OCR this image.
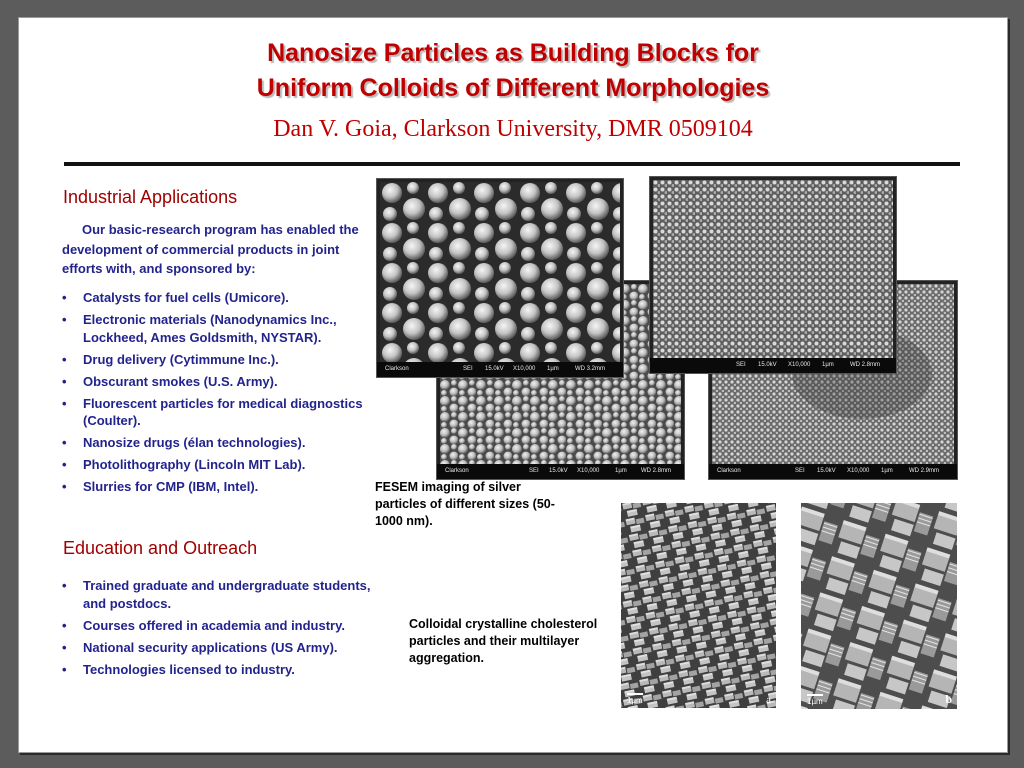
Nanosize Particles as Building Blocks for
Uniform Colloids of Different Morphologies
Dan V. Goia, Clarkson University, DMR 0509104
Industrial Applications
Our basic-research program has enabled the development of commercial products in joint efforts with, and sponsored by:
• Catalysts for fuel cells (Umicore).
• Electronic materials (Nanodynamics Inc., Lockheed, Ames Goldsmith, NYSTAR).
• Drug delivery (Cytimmune Inc.).
• Obscurant smokes (U.S. Army).
• Fluorescent particles for medical diagnostics (Coulter).
• Nanosize drugs (élan technologies).
• Photolithography (Lincoln MIT Lab).
• Slurries for CMP (IBM, Intel).
Education and Outreach
• Trained graduate and undergraduate students, and postdocs.
• Courses offered in academia and industry.
• National security applications (US Army).
• Technologies licensed to industry.
Clarkson	SEI 15.0kV X10,000	1µm WD 2.8mm	Clarkson	SEI 15.0kV X10,000 1µm	WD 2.9mm
SEI 15.0kV X10,000 1µm	WD 2.8mm
Clarkson	SEI 15.0kV X10,000 1µm	WD 3.2mm
FESEM imaging of silver particles of different sizes (50-1000 nm).
1µm	a	1µm	b
Colloidal crystalline cholesterol particles and their multilayer aggregation.
